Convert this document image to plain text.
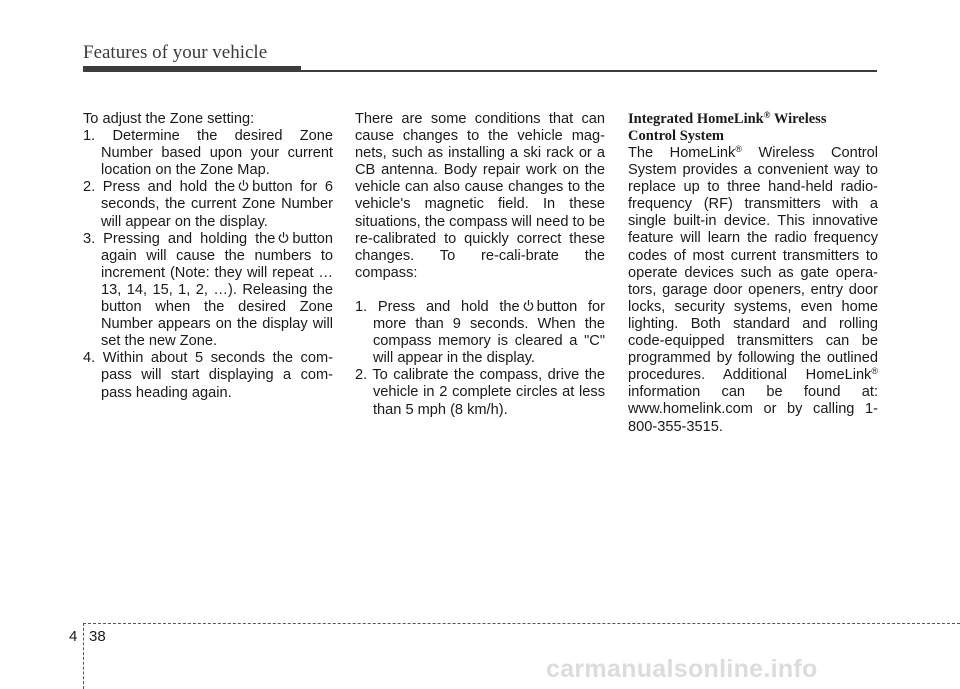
Features of your vehicle

To adjust the Zone setting:

1. Determine the desired Zone Number based upon your current location on the Zone Map.

2. Press and hold the button for 6 seconds, the current Zone Number will appear on the display.

3. Pressing and holding the button again will cause the numbers to increment (Note: they will repeat …13, 14, 15, 1, 2, …). Releasing the button when the desired Zone Number appears on the display will set the new Zone.

4. Within about 5 seconds the com-pass will start displaying a com-pass heading again.

There are some conditions that can cause changes to the vehicle mag-nets, such as installing a ski rack or a CB antenna. Body repair work on the vehicle can also cause changes to the vehicle's magnetic field. In these situations, the compass will need to be re-calibrated to quickly correct these changes. To re-cali-brate the compass:

1. Press and hold the button for more than 9 seconds. When the compass memory is cleared a "C" will appear in the display.

2. To calibrate the compass, drive the vehicle in 2 complete circles at less than 5 mph (8 km/h).

Integrated HomeLink® Wireless Control System

The HomeLink® Wireless Control System provides a convenient way to replace up to three hand-held radio-frequency (RF) transmitters with a single built-in device. This innovative feature will learn the radio frequency codes of most current transmitters to operate devices such as gate opera-tors, garage door openers, entry door locks, security systems, even home lighting. Both standard and rolling code-equipped transmitters can be programmed by following the outlined procedures. Additional HomeLink® information can be found at: www.homelink.com or by calling 1-800-355-3515.

4 38
carmanualsonline.info
